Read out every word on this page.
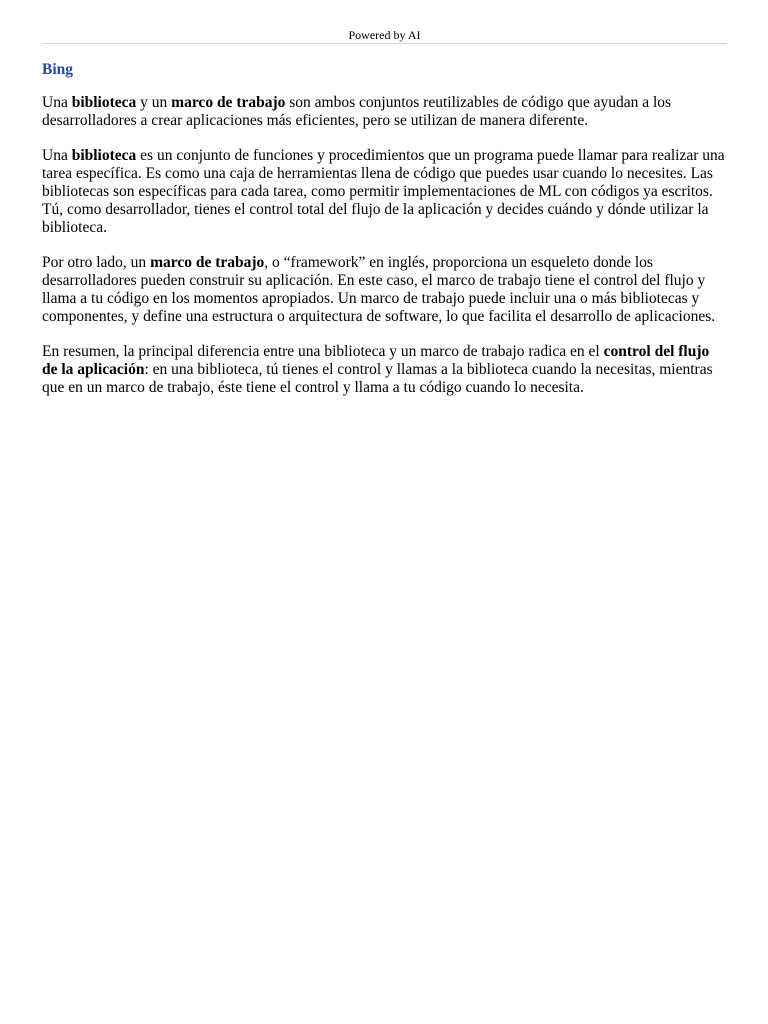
Powered by AI
Bing

Una biblioteca y un marco de trabajo son ambos conjuntos reutilizables de código que ayudan a los desarrolladores a crear aplicaciones más eficientes, pero se utilizan de manera diferente.

Una biblioteca es un conjunto de funciones y procedimientos que un programa puede llamar para realizar una tarea específica. Es como una caja de herramientas llena de código que puedes usar cuando lo necesites. Las bibliotecas son específicas para cada tarea, como permitir implementaciones de ML con códigos ya escritos. Tú, como desarrollador, tienes el control total del flujo de la aplicación y decides cuándo y dónde utilizar la biblioteca.

Por otro lado, un marco de trabajo, o “framework” en inglés, proporciona un esqueleto donde los desarrolladores pueden construir su aplicación. En este caso, el marco de trabajo tiene el control del flujo y llama a tu código en los momentos apropiados. Un marco de trabajo puede incluir una o más bibliotecas y componentes, y define una estructura o arquitectura de software, lo que facilita el desarrollo de aplicaciones.

En resumen, la principal diferencia entre una biblioteca y un marco de trabajo radica en el control del flujo de la aplicación: en una biblioteca, tú tienes el control y llamas a la biblioteca cuando la necesitas, mientras que en un marco de trabajo, éste tiene el control y llama a tu código cuando lo necesita.
